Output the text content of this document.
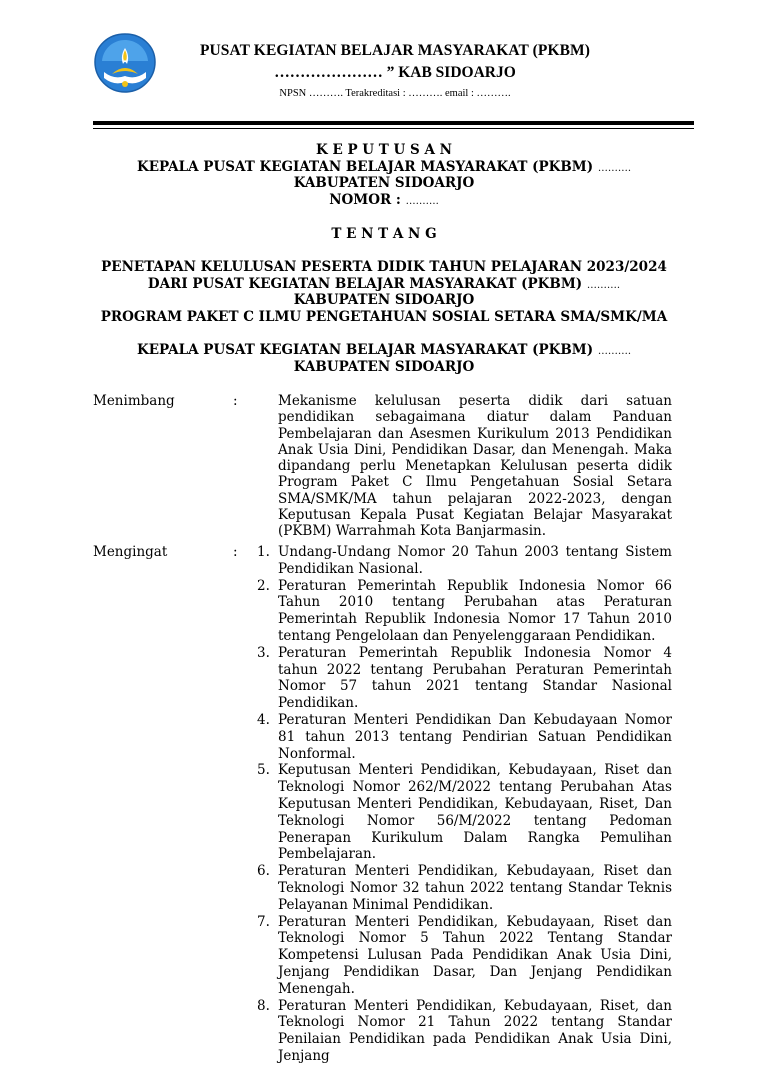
PUSAT KEGIATAN BELAJAR MASYARAKAT (PKBM)
………………… ” KAB SIDOARJO
NPSN ………. Terakreditasi : ………. email : ……….
K E P U T U S A N
KEPALA PUSAT KEGIATAN BELAJAR MASYARAKAT (PKBM) ……….
KABUPATEN SIDOARJO
NOMOR : ……….
T E N T A N G
PENETAPAN KELULUSAN PESERTA DIDIK TAHUN PELAJARAN 2023/2024
DARI PUSAT KEGIATAN BELAJAR MASYARAKAT (PKBM) ……….
KABUPATEN SIDOARJO
PROGRAM PAKET C ILMU PENGETAHUAN SOSIAL SETARA SMA/SMK/MA
KEPALA PUSAT KEGIATAN BELAJAR MASYARAKAT (PKBM) ……….
KABUPATEN SIDOARJO
Menimbang	:	Mekanisme kelulusan peserta didik dari satuan pendidikan sebagaimana diatur dalam Panduan Pembelajaran dan Asesmen Kurikulum 2013 Pendidikan Anak Usia Dini, Pendidikan Dasar, dan Menengah. Maka dipandang perlu Menetapkan Kelulusan peserta didik Program Paket C Ilmu Pengetahuan Sosial Setara SMA/SMK/MA tahun pelajaran 2022-2023, dengan Keputusan Kepala Pusat Kegiatan Belajar Masyarakat (PKBM) Warrahmah Kota Banjarmasin.
Mengingat	: 1. Undang-Undang Nomor 20 Tahun 2003 tentang Sistem Pendidikan Nasional.
2. Peraturan Pemerintah Republik Indonesia Nomor 66 Tahun 2010 tentang Perubahan atas Peraturan Pemerintah Republik Indonesia Nomor 17 Tahun 2010 tentang Pengelolaan dan Penyelenggaraan Pendidikan.
3. Peraturan Pemerintah Republik Indonesia Nomor 4 tahun 2022 tentang Perubahan Peraturan Pemerintah Nomor 57 tahun 2021 tentang Standar Nasional Pendidikan.
4. Peraturan Menteri Pendidikan Dan Kebudayaan Nomor 81 tahun 2013 tentang Pendirian Satuan Pendidikan Nonformal.
5. Keputusan Menteri Pendidikan, Kebudayaan, Riset dan Teknologi Nomor 262/M/2022 tentang Perubahan Atas Keputusan Menteri Pendidikan, Kebudayaan, Riset, Dan Teknologi Nomor 56/M/2022 tentang Pedoman Penerapan Kurikulum Dalam Rangka Pemulihan Pembelajaran.
6. Peraturan Menteri Pendidikan, Kebudayaan, Riset dan Teknologi Nomor 32 tahun 2022 tentang Standar Teknis Pelayanan Minimal Pendidikan.
7. Peraturan Menteri Pendidikan, Kebudayaan, Riset dan Teknologi Nomor 5 Tahun 2022 Tentang Standar Kompetensi Lulusan Pada Pendidikan Anak Usia Dini, Jenjang Pendidikan Dasar, Dan Jenjang Pendidikan Menengah.
8. Peraturan Menteri Pendidikan, Kebudayaan, Riset, dan Teknologi Nomor 21 Tahun 2022 tentang Standar Penilaian Pendidikan pada Pendidikan Anak Usia Dini, Jenjang
